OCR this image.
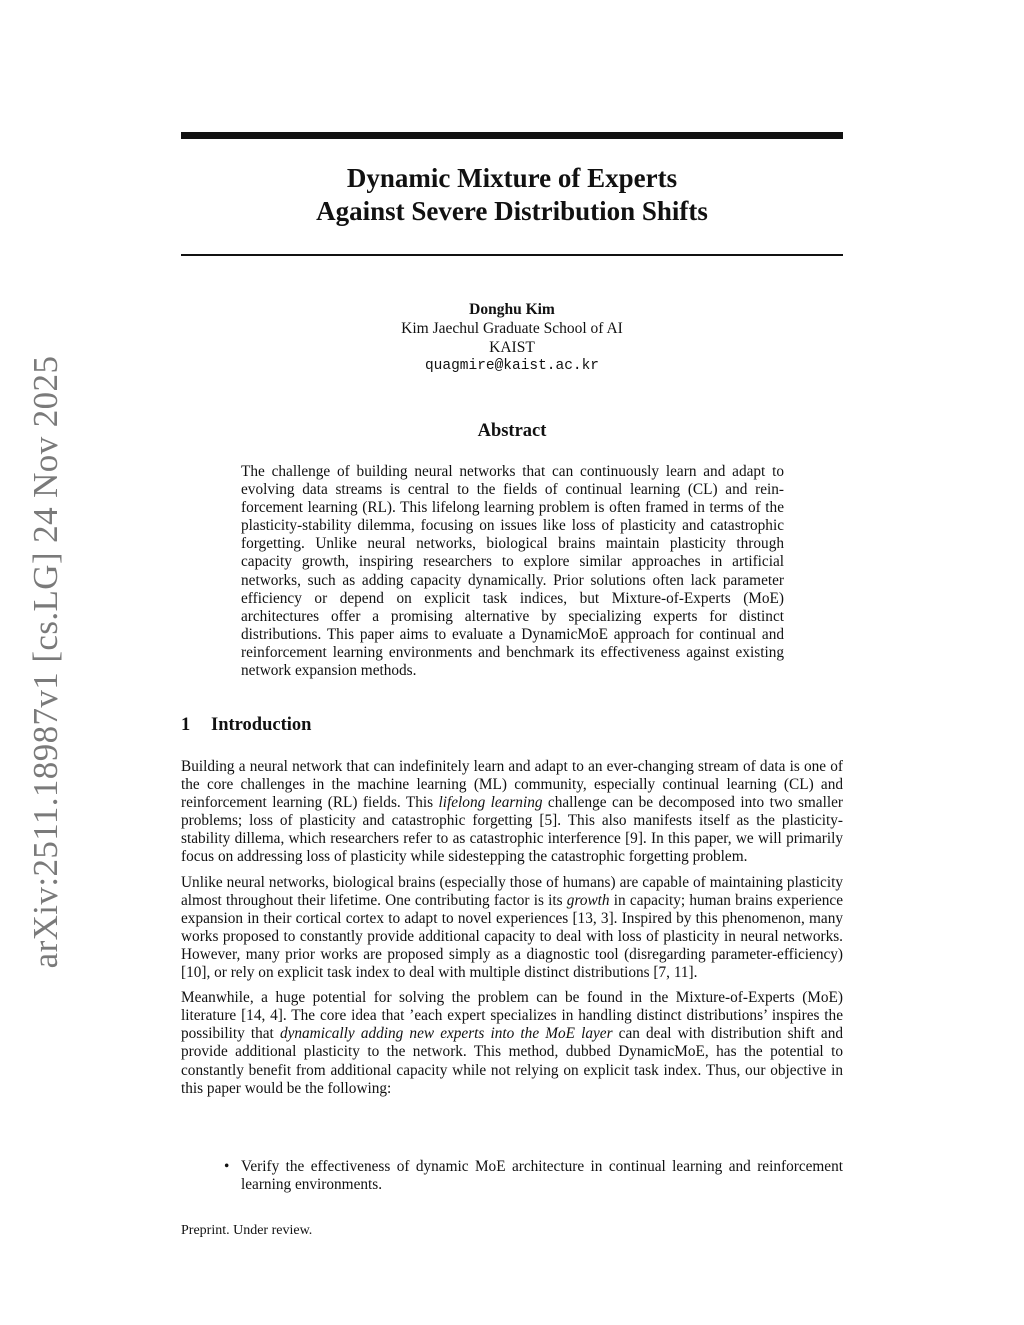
arXiv:2511.18987v1 [cs.LG] 24 Nov 2025
Dynamic Mixture of Experts
Against Severe Distribution Shifts
Donghu Kim
Kim Jaechul Graduate School of AI
KAIST
quagmire@kaist.ac.kr
Abstract
The challenge of building neural networks that can continuously learn and adapt to evolving data streams is central to the fields of continual learning (CL) and reinforcement learning (RL). This lifelong learning problem is often framed in terms of the plasticity-stability dilemma, focusing on issues like loss of plasticity and catastrophic forgetting. Unlike neural networks, biological brains maintain plasticity through capacity growth, inspiring researchers to explore similar approaches in artificial networks, such as adding capacity dynamically. Prior solutions often lack parameter efficiency or depend on explicit task indices, but Mixture-of-Experts (MoE) architectures offer a promising alternative by specializing experts for distinct distributions. This paper aims to evaluate a DynamicMoE approach for continual and reinforcement learning environments and benchmark its effectiveness against existing network expansion methods.
1 Introduction

Building a neural network that can indefinitely learn and adapt to an ever-changing stream of data is one of the core challenges in the machine learning (ML) community, especially continual learning (CL) and reinforcement learning (RL) fields. This lifelong learning challenge can be decomposed into two smaller problems; loss of plasticity and catastrophic forgetting [5]. This also manifests itself as the plasticity-stability dillema, which researchers refer to as catastrophic interference [9]. In this paper, we will primarily focus on addressing loss of plasticity while sidestepping the catastrophic forgetting problem.

Unlike neural networks, biological brains (especially those of humans) are capable of maintaining plasticity almost throughout their lifetime. One contributing factor is its growth in capacity; human brains experience expansion in their cortical cortex to adapt to novel experiences [13, 3]. Inspired by this phenomenon, many works proposed to constantly provide additional capacity to deal with loss of plasticity in neural networks. However, many prior works are proposed simply as a diagnostic tool (disregarding parameter-efficiency) [10], or rely on explicit task index to deal with multiple distinct distributions [7, 11].

Meanwhile, a huge potential for solving the problem can be found in the Mixture-of-Experts (MoE) literature [14, 4]. The core idea that ’each expert specializes in handling distinct distributions’ inspires the possibility that dynamically adding new experts into the MoE layer can deal with distribution shift and provide additional plasticity to the network. This method, dubbed DynamicMoE, has the potential to constantly benefit from additional capacity while not relying on explicit task index. Thus, our objective in this paper would be the following:

• Verify the effectiveness of dynamic MoE architecture in continual learning and reinforcement learning environments.
Preprint. Under review.
